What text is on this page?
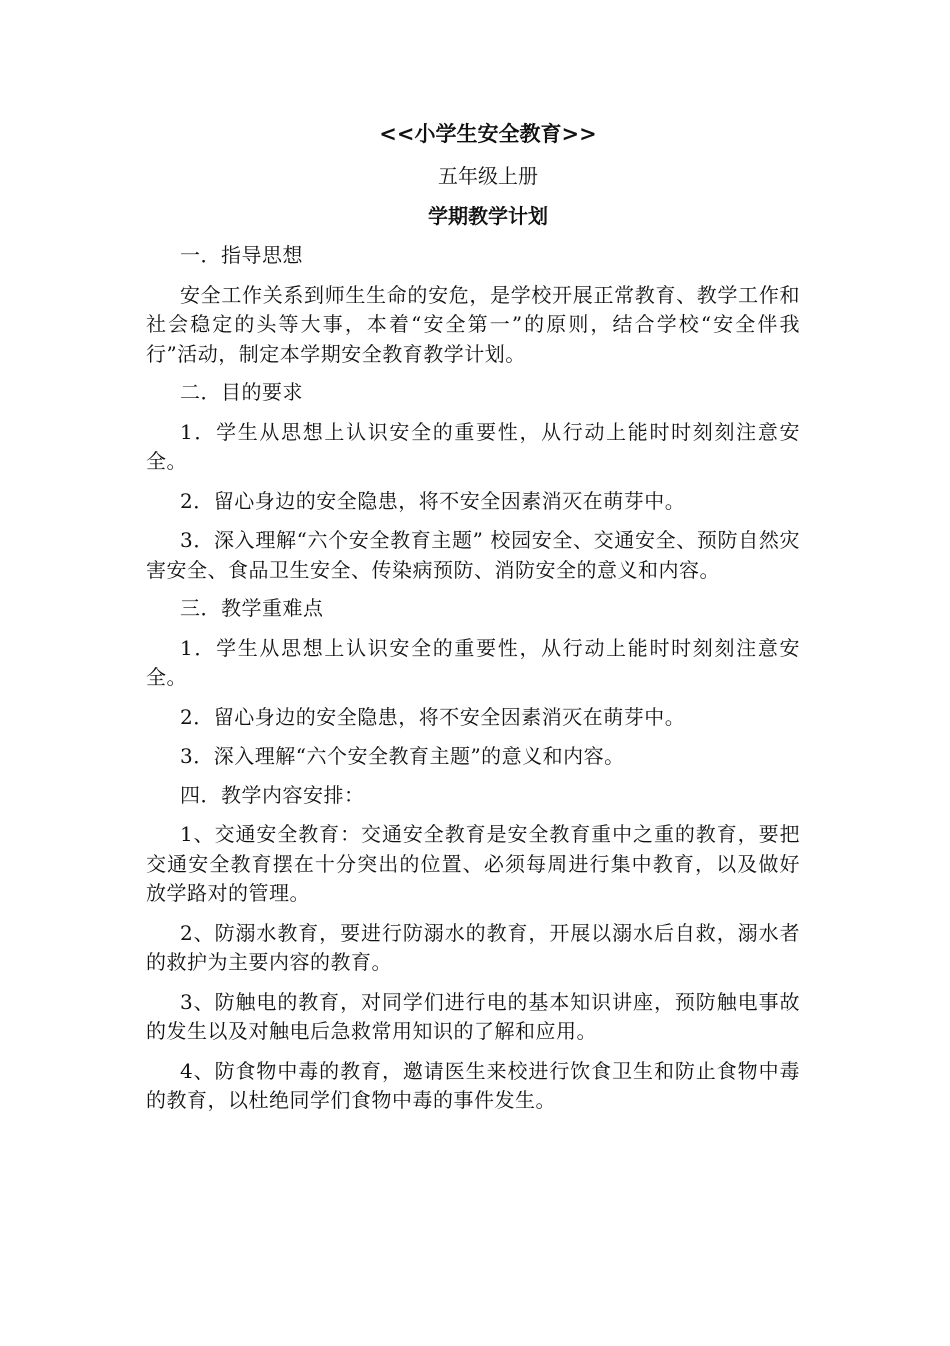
<<小学生安全教育>>

五年级上册

学期教学计划

一．指导思想

安全工作关系到师生生命的安危，是学校开展正常教育、教学工作和社会稳定的头等大事，本着“安全第一”的原则，结合学校“安全伴我行”活动，制定本学期安全教育教学计划。

二．目的要求

1．学生从思想上认识安全的重要性，从行动上能时时刻刻注意安全。

2．留心身边的安全隐患，将不安全因素消灭在萌芽中。

3．深入理解“六个安全教育主题” 校园安全、交通安全、预防自然灾害安全、食品卫生安全、传染病预防、消防安全的意义和内容。

三．教学重难点

1．学生从思想上认识安全的重要性，从行动上能时时刻刻注意安全。

2．留心身边的安全隐患，将不安全因素消灭在萌芽中。

3．深入理解“六个安全教育主题”的意义和内容。

四．教学内容安排：

1、交通安全教育：交通安全教育是安全教育重中之重的教育，要把交通安全教育摆在十分突出的位置、必须每周进行集中教育，以及做好放学路对的管理。

2、防溺水教育，要进行防溺水的教育，开展以溺水后自救，溺水者的救护为主要内容的教育。

3、防触电的教育，对同学们进行电的基本知识讲座，预防触电事故的发生以及对触电后急救常用知识的了解和应用。

4、防食物中毒的教育，邀请医生来校进行饮食卫生和防止食物中毒的教育，以杜绝同学们食物中毒的事件发生。
